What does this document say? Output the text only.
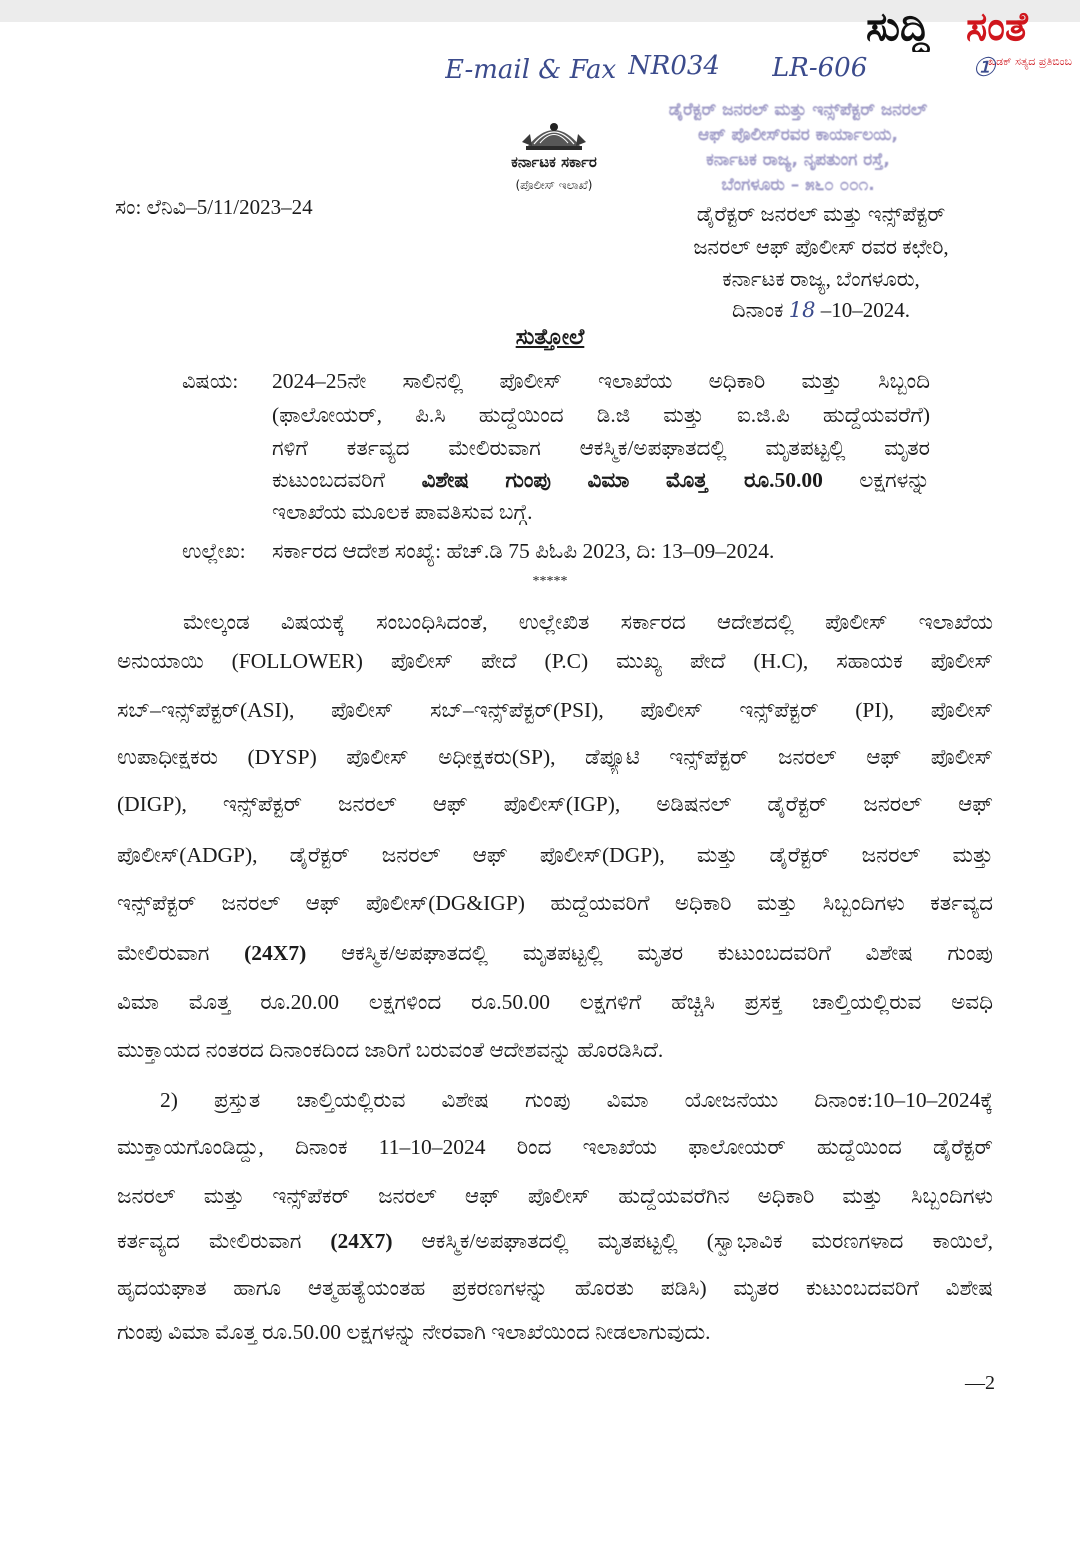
ಸುದ್ದಿ ಸಂತೆ
ಖಡಕ್ ಸತ್ಯದ ಪ್ರತಿಬಿಂಬ
E-mail & Fax NR034	LR-606	①
ಡೈರೆಕ್ಟರ್ ಜನರಲ್ ಮತ್ತು ಇನ್ಸ್‌ಪೆಕ್ಟರ್ ಜನರಲ್
ಆಫ್ ಪೊಲೀಸ್‌ರವರ ಕಾರ್ಯಾಲಯ,
ಕರ್ನಾಟಕ ರಾಜ್ಯ, ನೃಪತುಂಗ ರಸ್ತೆ,
ಬೆಂಗಳೂರು – ೫೬೦ ೦೦೧.
ಕರ್ನಾಟಕ ಸರ್ಕಾರ
(ಪೊಲೀಸ್ ಇಲಾಖೆ)
ಸಂ: ಲೆನಿವಿ–5/11/2023–24	ಡೈರೆಕ್ಟರ್ ಜನರಲ್ ಮತ್ತು ಇನ್ಸ್‌ಪೆಕ್ಟರ್
ಜನರಲ್ ಆಫ್ ಪೊಲೀಸ್ ರವರ ಕಛೇರಿ,
ಕರ್ನಾಟಕ ರಾಜ್ಯ, ಬೆಂಗಳೂರು,
ದಿನಾಂಕ 18 –10–2024.
ಸುತ್ತೋಲೆ
ವಿಷಯ:	2024–25ನೇ ಸಾಲಿನಲ್ಲಿ ಪೊಲೀಸ್ ಇಲಾಖೆಯ ಅಧಿಕಾರಿ ಮತ್ತು ಸಿಬ್ಬಂದಿ
(ಫಾಲೋಯರ್, ಪಿ.ಸಿ ಹುದ್ದೆಯಿಂದ ಡಿ.ಜಿ ಮತ್ತು ಐ.ಜಿ.ಪಿ ಹುದ್ದೆಯವರೆಗೆ)
ಗಳಿಗೆ ಕರ್ತವ್ಯದ ಮೇಲಿರುವಾಗ ಆಕಸ್ಮಿಕ/ಅಪಘಾತದಲ್ಲಿ ಮೃತಪಟ್ಟಲ್ಲಿ ಮೃತರ
ಕುಟುಂಬದವರಿಗೆ ವಿಶೇಷ ಗುಂಪು ವಿಮಾ ಮೊತ್ತ ರೂ.50.00 ಲಕ್ಷಗಳನ್ನು
ಇಲಾಖೆಯ ಮೂಲಕ ಪಾವತಿಸುವ ಬಗ್ಗೆ.
ಉಲ್ಲೇಖ:	ಸರ್ಕಾರದ ಆದೇಶ ಸಂಖ್ಯೆ: ಹೆಚ್.ಡಿ 75 ಪಿಓಪಿ 2023, ದಿ: 13–09–2024.
*****
ಮೇಲ್ಕಂಡ ವಿಷಯಕ್ಕೆ ಸಂಬಂಧಿಸಿದಂತೆ, ಉಲ್ಲೇಖಿತ ಸರ್ಕಾರದ ಆದೇಶದಲ್ಲಿ ಪೊಲೀಸ್ ಇಲಾಖೆಯ
ಅನುಯಾಯಿ (FOLLOWER) ಪೊಲೀಸ್ ಪೇದೆ (P.C) ಮುಖ್ಯ ಪೇದೆ (H.C), ಸಹಾಯಕ ಪೊಲೀಸ್
ಸಬ್–ಇನ್ಸ್‌ಪೆಕ್ಟರ್(ASI), ಪೊಲೀಸ್ ಸಬ್–ಇನ್ಸ್‌ಪೆಕ್ಟರ್(PSI), ಪೊಲೀಸ್ ಇನ್ಸ್‌ಪೆಕ್ಟರ್ (PI), ಪೊಲೀಸ್
ಉಪಾಧೀಕ್ಷಕರು (DYSP) ಪೊಲೀಸ್ ಅಧೀಕ್ಷಕರು(SP), ಡೆಪ್ಯೂಟಿ ಇನ್ಸ್‌ಪೆಕ್ಟರ್ ಜನರಲ್ ಆಫ್ ಪೊಲೀಸ್
(DIGP), ಇನ್ಸ್‌ಪೆಕ್ಟರ್ ಜನರಲ್ ಆಫ್ ಪೊಲೀಸ್(IGP), ಅಡಿಷನಲ್ ಡೈರೆಕ್ಟರ್ ಜನರಲ್ ಆಫ್
ಪೊಲೀಸ್(ADGP), ಡೈರೆಕ್ಟರ್ ಜನರಲ್ ಆಫ್ ಪೊಲೀಸ್(DGP), ಮತ್ತು ಡೈರೆಕ್ಟರ್ ಜನರಲ್ ಮತ್ತು
ಇನ್ಸ್‌ಪೆಕ್ಟರ್ ಜನರಲ್ ಆಫ್ ಪೊಲೀಸ್(DG&IGP) ಹುದ್ದೆಯವರಿಗೆ ಅಧಿಕಾರಿ ಮತ್ತು ಸಿಬ್ಬಂದಿಗಳು ಕರ್ತವ್ಯದ
ಮೇಲಿರುವಾಗ (24X7) ಆಕಸ್ಮಿಕ/ಅಪಘಾತದಲ್ಲಿ ಮೃತಪಟ್ಟಲ್ಲಿ ಮೃತರ ಕುಟುಂಬದವರಿಗೆ ವಿಶೇಷ ಗುಂಪು
ವಿಮಾ ಮೊತ್ತ ರೂ.20.00 ಲಕ್ಷಗಳಿಂದ ರೂ.50.00 ಲಕ್ಷಗಳಿಗೆ ಹೆಚ್ಚಿಸಿ ಪ್ರಸಕ್ತ ಚಾಲ್ತಿಯಲ್ಲಿರುವ ಅವಧಿ
ಮುಕ್ತಾಯದ ನಂತರದ ದಿನಾಂಕದಿಂದ ಜಾರಿಗೆ ಬರುವಂತೆ ಆದೇಶವನ್ನು ಹೊರಡಿಸಿದೆ.
2) ಪ್ರಸ್ತುತ ಚಾಲ್ತಿಯಲ್ಲಿರುವ ವಿಶೇಷ ಗುಂಪು ವಿಮಾ ಯೋಜನೆಯು ದಿನಾಂಕ:10–10–2024ಕ್ಕೆ
ಮುಕ್ತಾಯಗೊಂಡಿದ್ದು, ದಿನಾಂಕ 11–10–2024 ರಿಂದ ಇಲಾಖೆಯ ಫಾಲೋಯರ್ ಹುದ್ದೆಯಿಂದ ಡೈರೆಕ್ಟರ್
ಜನರಲ್ ಮತ್ತು ಇನ್ಸ್‌ಪೆಕರ್ ಜನರಲ್ ಆಫ್ ಪೊಲೀಸ್ ಹುದ್ದೆಯವರೆಗಿನ ಅಧಿಕಾರಿ ಮತ್ತು ಸಿಬ್ಬಂದಿಗಳು
ಕರ್ತವ್ಯದ ಮೇಲಿರುವಾಗ (24X7) ಆಕಸ್ಮಿಕ/ಅಪಘಾತದಲ್ಲಿ ಮೃತಪಟ್ಟಲ್ಲಿ (ಸ್ವಾಭಾವಿಕ ಮರಣಗಳಾದ ಕಾಯಿಲೆ,
ಹೃದಯಘಾತ ಹಾಗೂ ಆತ್ಮಹತ್ಯೆಯಂತಹ ಪ್ರಕರಣಗಳನ್ನು ಹೊರತು ಪಡಿಸಿ) ಮೃತರ ಕುಟುಂಬದವರಿಗೆ ವಿಶೇಷ
ಗುಂಪು ವಿಮಾ ಮೊತ್ತ ರೂ.50.00 ಲಕ್ಷಗಳನ್ನು ನೇರವಾಗಿ ಇಲಾಖೆಯಿಂದ ನೀಡಲಾಗುವುದು.
––2
